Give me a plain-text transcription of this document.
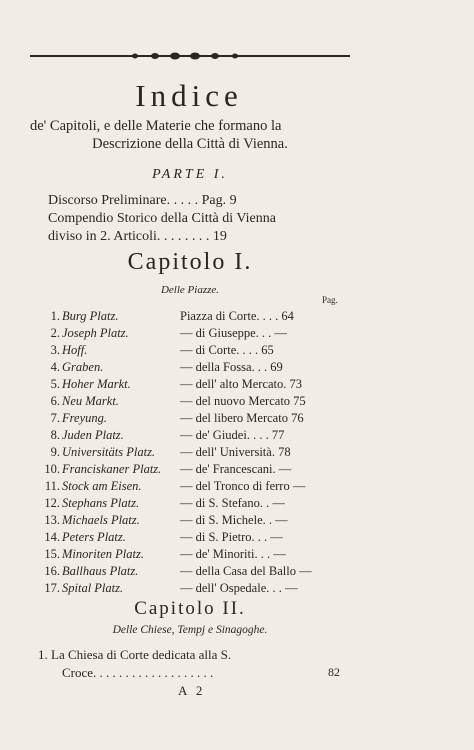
Indice
de' Capitoli, e delle Materie che formano la
Descrizione della Città di Vienna.
PARTE I.
Discorso Preliminare. . . . . Pag. 9
Compendio Storico della Città di Vienna
diviso in 2. Articoli. . . . . . . . 19
Capitolo I.
Delle Piazze.
Pag.
1. Burg Platz.	Piazza di Corte. . . . 64
2. Joseph Platz.	— di Giuseppe. . . —
3. Hoff.	— di Corte. . . . 65
4. Graben.	— della Fossa. . . 69
5. Hoher Markt.	— dell' alto Mercato. 73
6. Neu Markt.	— del nuovo Mercato 75
7. Freyung.	— del libero Mercato 76
8. Juden Platz.	— de' Giudei. . . . 77
9. Universitäts Platz. — dell' Università. 78
10. Franciskaner Platz. — de' Francescani. —
11. Stock am Eisen.	— del Tronco di ferro —
12. Stephans Platz.	— di S. Stefano. . —
13. Michaels Platz.	— di S. Michele. . —
14. Peters Platz.	— di S. Pietro. . . —
15. Minoriten Platz.	— de' Minoriti. . . —
16. Ballhaus Platz.	— della Casa del Ballo —
17. Spital Platz.	— dell' Ospedale. . . —
Capitolo II.
Delle Chiese, Tempj e Sinagoghe.
1. La Chiesa di Corte dedicata alla S.
Croce. . . . . . . . . . . . . . . . . . .	82
A 2
